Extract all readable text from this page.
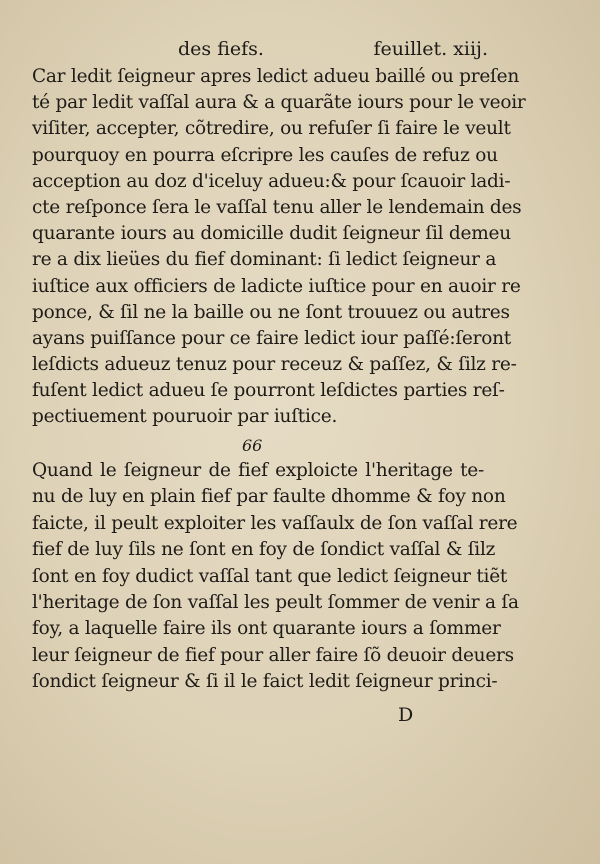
des fiefs.	feuillet. xiij.
Car ledit ſeigneur apres ledict adueu baillé ou preſen
té par ledit vaſſal aura & a quarãte iours pour le veoir
viſiter, accepter, cõtredire, ou refuſer ſi faire le veult
pourquoy en pourra eſcripre les cauſes de refuz ou
acception au doz d'iceluy adueu:& pour ſcauoir ladi-
cte reſponce ſera le vaſſal tenu aller le lendemain des
quarante iours au domicille dudit ſeigneur ſil demeu
re a dix lieües du fief dominant: ſi ledict ſeigneur a
iuſtice aux officiers de ladicte iuſtice pour en auoir re
ponce, & ſil ne la baille ou ne ſont trouuez ou autres
ayans puiſſance pour ce faire ledict iour paſſé:ſeront
leſdicts adueuz tenuz pour receuz & paſſez, & ſilz re-
fuſent ledict adueu ſe pourront leſdictes parties reſ-
pectiuement pouruoir par iuſtice.
66
Quand le ſeigneur de fief exploicte l'heritage te-
nu de luy en plain fief par faulte dhomme & foy non
faicte, il peult exploiter les vaſſaulx de ſon vaſſal rere
fief de luy ſils ne ſont en foy de ſondict vaſſal & ſilz
ſont en foy dudict vaſſal tant que ledict ſeigneur tiẽt
l'heritage de ſon vaſſal les peult ſommer de venir a ſa
foy, a laquelle faire ils ont quarante iours a ſommer
leur ſeigneur de fief pour aller faire ſõ deuoir deuers
ſondict ſeigneur & ſi il le faict ledit ſeigneur princi-
D
